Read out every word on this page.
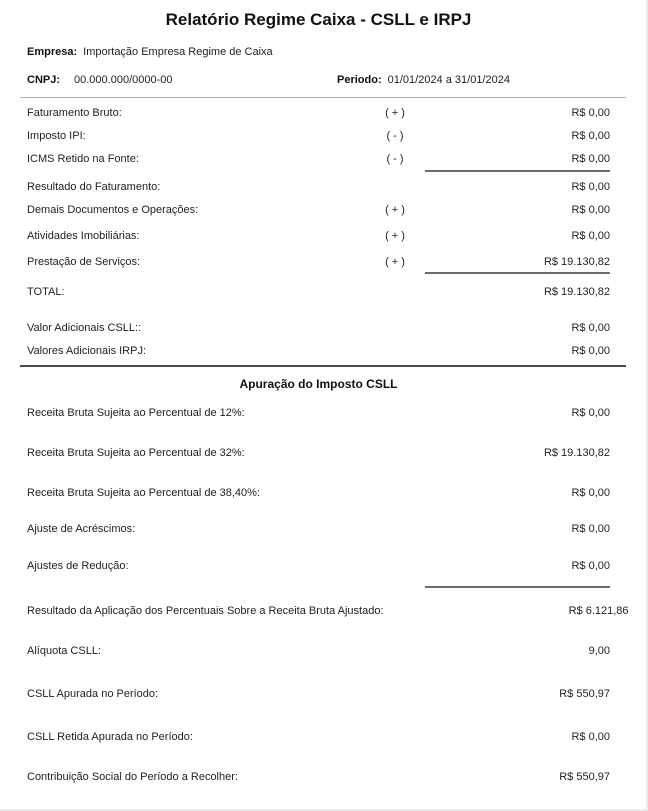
Relatório Regime Caixa - CSLL e IRPJ
Empresa: Importação Empresa Regime de Caixa
CNPJ: 00.000.000/0000-00	Periodo: 01/01/2024 a 31/01/2024
Faturamento Bruto:	( + )	R$ 0,00
Imposto IPI:	( - )	R$ 0,00
ICMS Retido na Fonte:	( - )	R$ 0,00
Resultado do Faturamento:	R$ 0,00
Demais Documentos e Operações:	( + )	R$ 0,00
Atividades Imobiliárias:	( + )	R$ 0,00
Prestação de Serviços:	( + )	R$ 19.130,82
TOTAL:	R$ 19.130,82
Valor Adicionais CSLL::	R$ 0,00
Valores Adicionais IRPJ:	R$ 0,00
Apuração do Imposto CSLL
Receita Bruta Sujeita ao Percentual de 12%:	R$ 0,00
Receita Bruta Sujeita ao Percentual de 32%:	R$ 19.130,82
Receita Bruta Sujeita ao Percentual de 38,40%:	R$ 0,00
Ajuste de Acréscimos:	R$ 0,00
Ajustes de Redução:	R$ 0,00
Resultado da Aplicação dos Percentuais Sobre a Receita Bruta Ajustado:	R$ 6.121,86
Alíquota CSLL:	9,00
CSLL Apurada no Período:	R$ 550,97
CSLL Retida Apurada no Período:	R$ 0,00
Contribuição Social do Período a Recolher:	R$ 550,97
